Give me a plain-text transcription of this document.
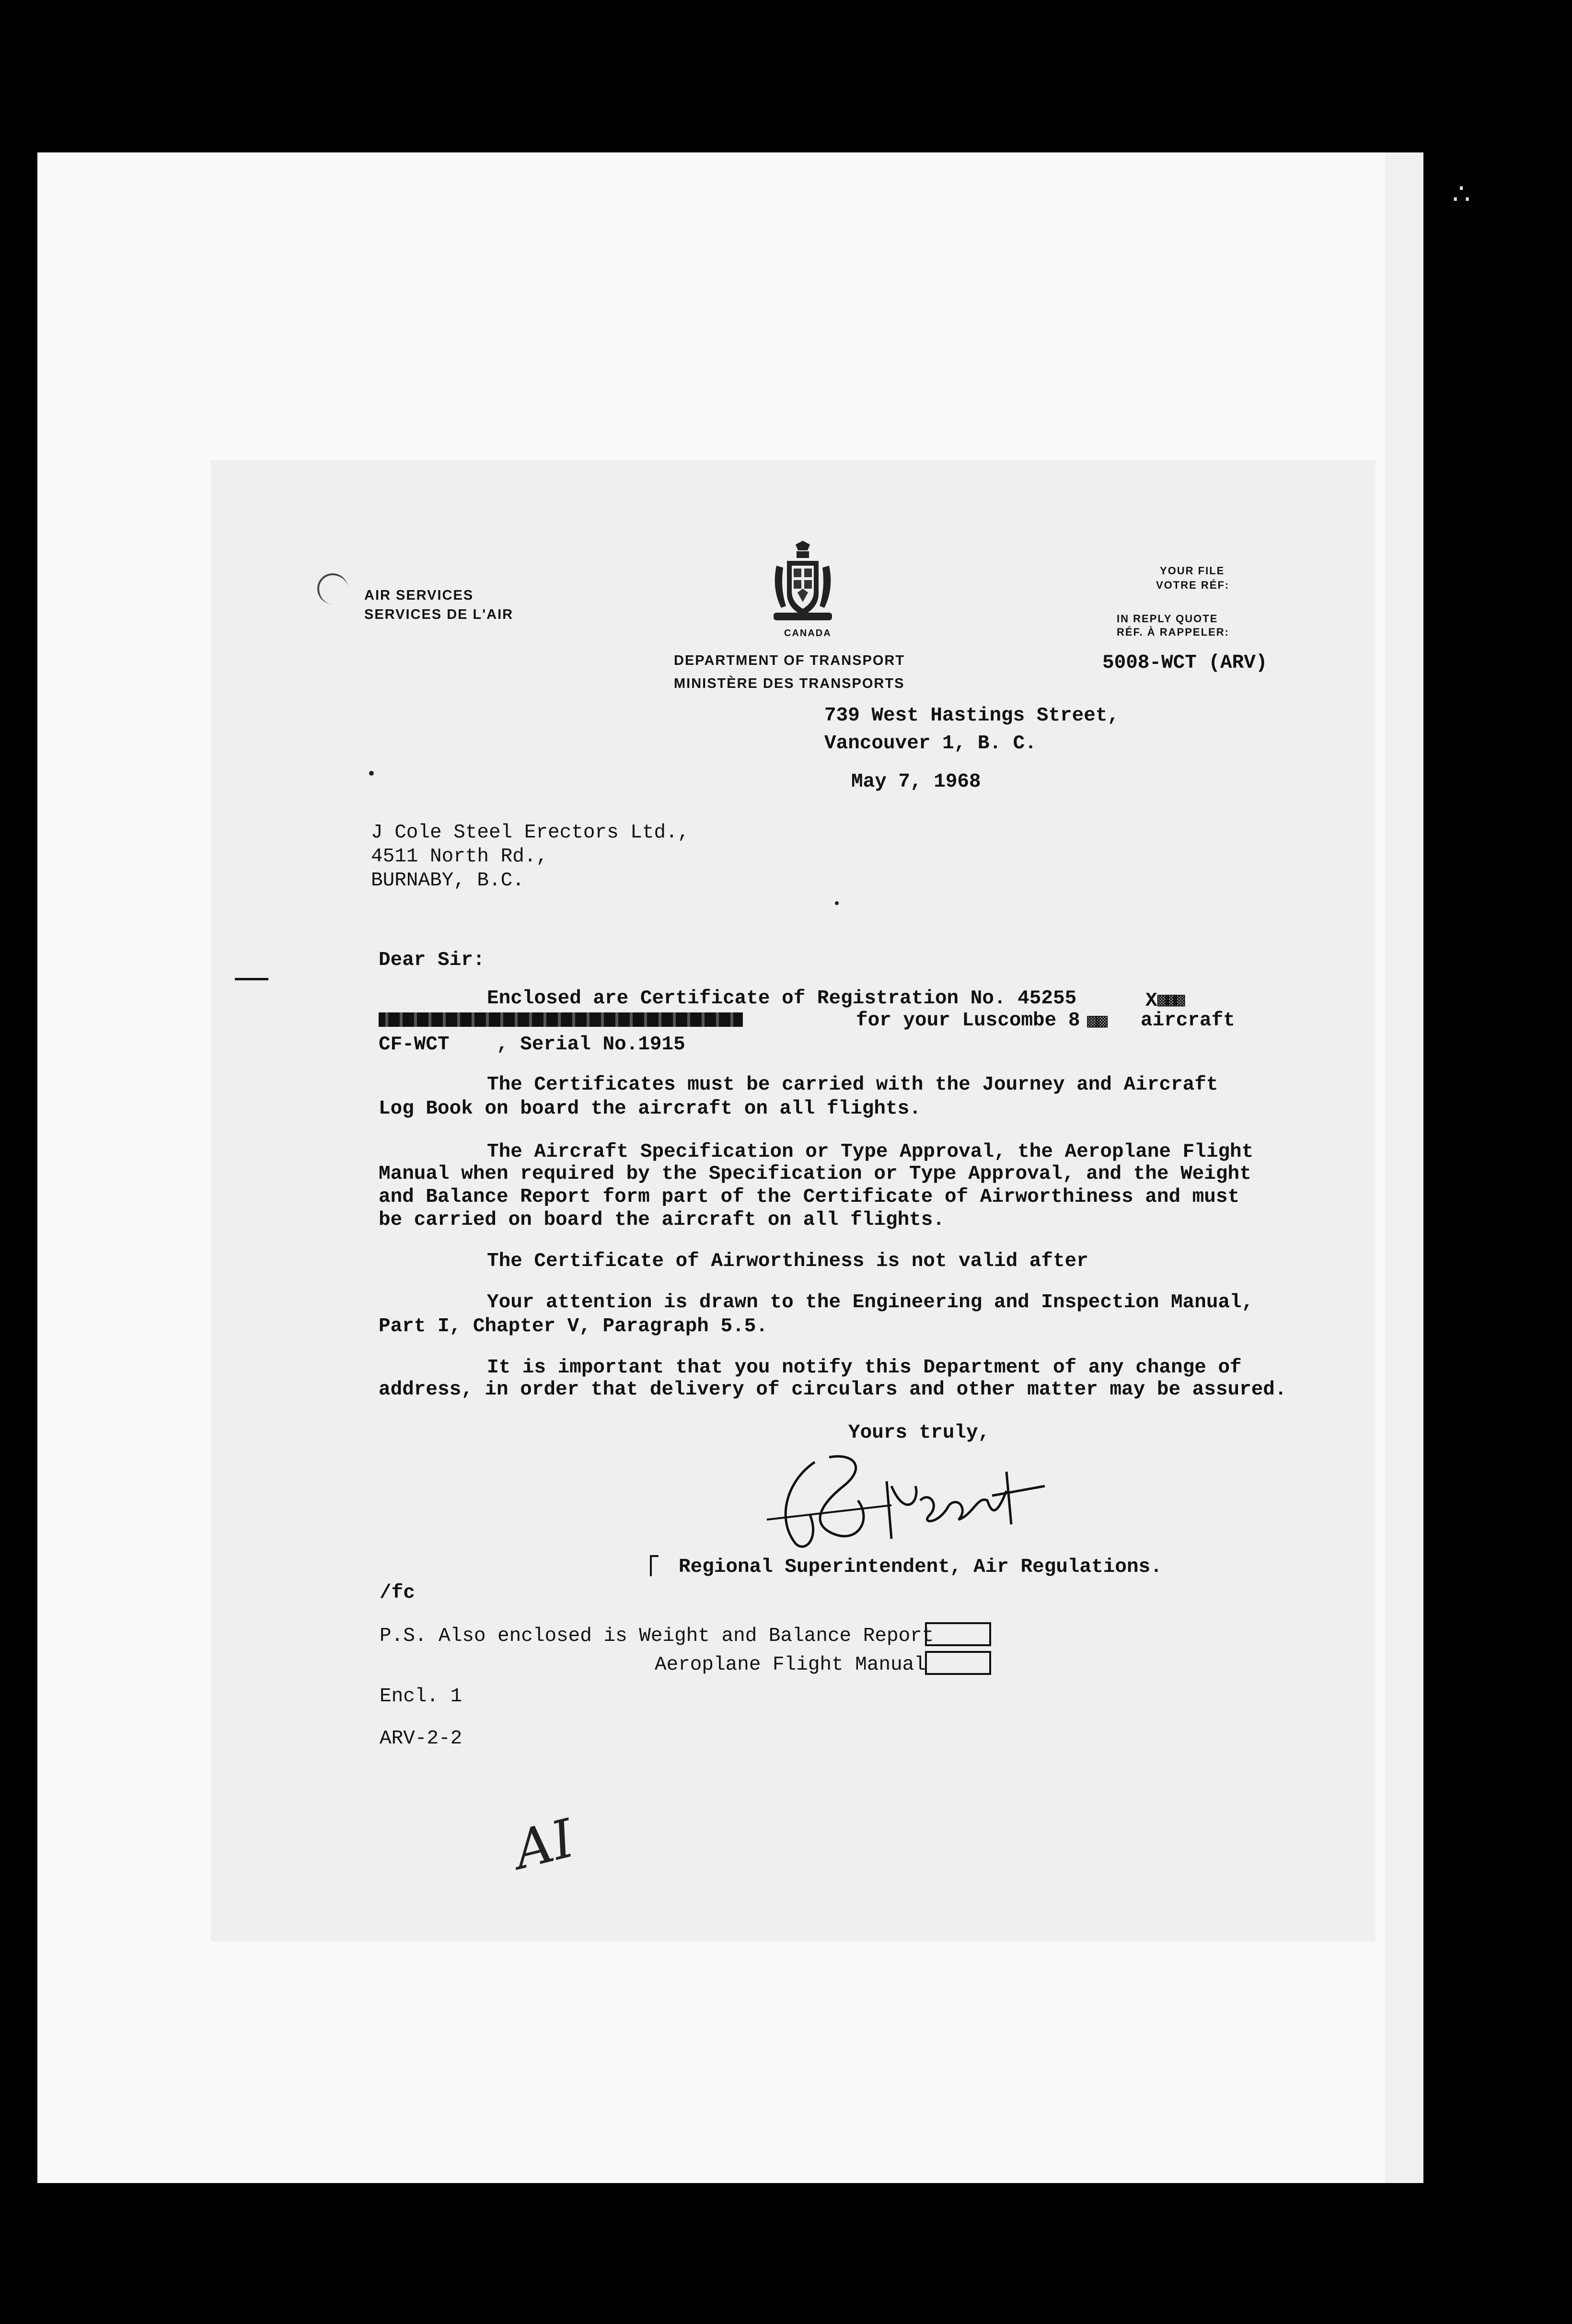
∴
AIR SERVICES
SERVICES DE L'AIR
CANADA
DEPARTMENT OF TRANSPORT
MINISTÈRE DES TRANSPORTS
YOUR FILE
VOTRE RÉF:
IN REPLY QUOTE
RÉF. À RAPPELER:
5008-WCT (ARV)
739 West Hastings Street,
Vancouver 1, B. C.
May 7, 1968
J Cole Steel Erectors Ltd.,
4511 North Rd.,
BURNABY, B.C.
Dear Sir:
Enclosed are Certificate of Registration No. 45255	X▩▩▩
for your Luscombe 8 ▩▩ aircraft
CF-WCT    , Serial No.1915
The Certificates must be carried with the Journey and Aircraft
Log Book on board the aircraft on all flights.
The Aircraft Specification or Type Approval, the Aeroplane Flight
Manual when required by the Specification or Type Approval, and the Weight
and Balance Report form part of the Certificate of Airworthiness and must
be carried on board the aircraft on all flights.
The Certificate of Airworthiness is not valid after
Your attention is drawn to the Engineering and Inspection Manual,
Part I, Chapter V, Paragraph 5.5.
It is important that you notify this Department of any change of
address, in order that delivery of circulars and other matter may be assured.
Yours truly,
Regional Superintendent, Air Regulations.
/fc
P.S. Also enclosed is Weight and Balance Report
Aeroplane Flight Manual
Encl. 1
ARV-2-2
AI
